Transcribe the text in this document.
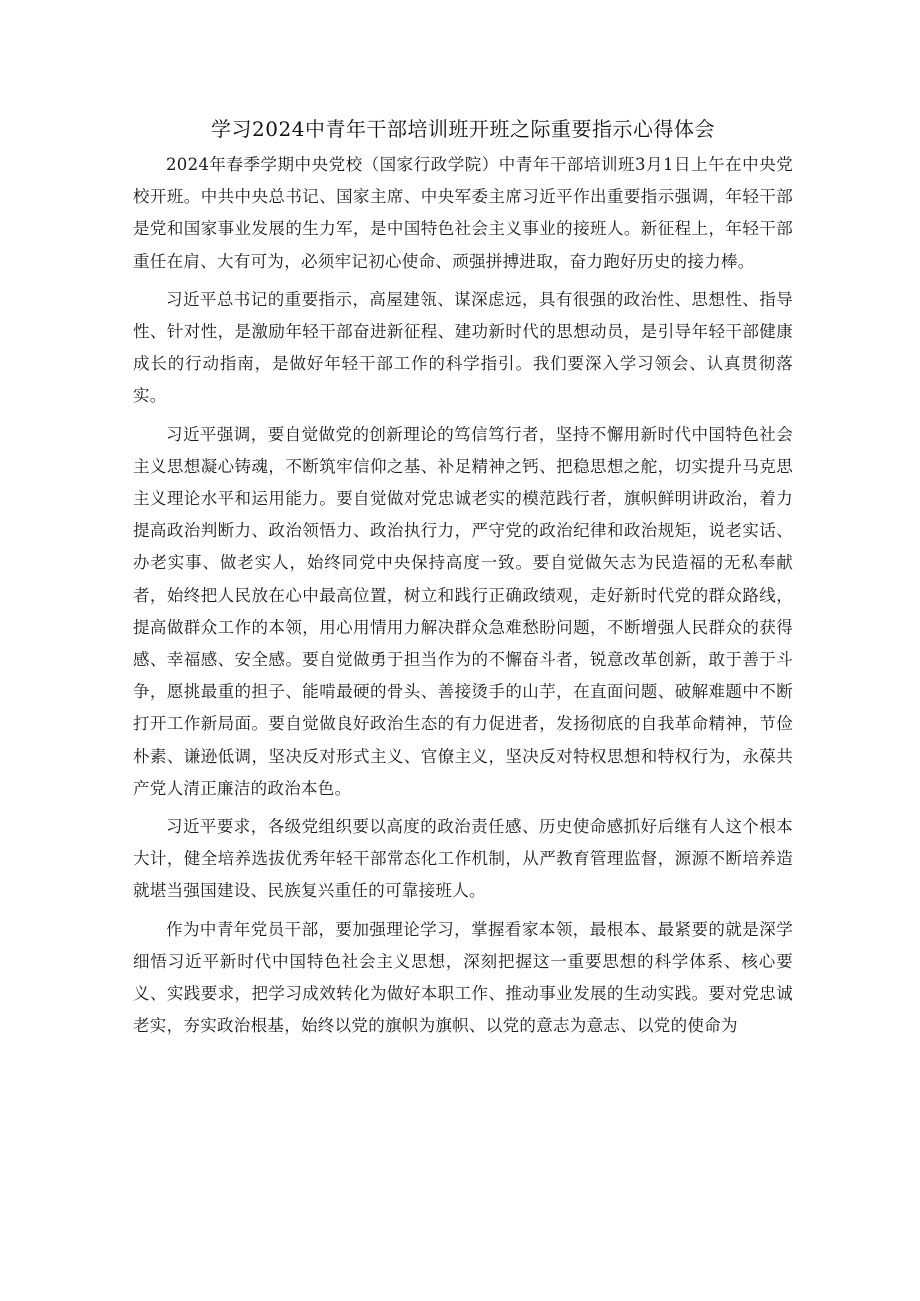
学习2024中青年干部培训班开班之际重要指示心得体会

2024年春季学期中央党校（国家行政学院）中青年干部培训班3月1日上午在中央党校开班。中共中央总书记、国家主席、中央军委主席习近平作出重要指示强调，年轻干部是党和国家事业发展的生力军，是中国特色社会主义事业的接班人。新征程上，年轻干部重任在肩、大有可为，必须牢记初心使命、顽强拼搏进取，奋力跑好历史的接力棒。

习近平总书记的重要指示，高屋建瓴、谋深虑远，具有很强的政治性、思想性、指导性、针对性，是激励年轻干部奋进新征程、建功新时代的思想动员，是引导年轻干部健康成长的行动指南，是做好年轻干部工作的科学指引。我们要深入学习领会、认真贯彻落实。

习近平强调，要自觉做党的创新理论的笃信笃行者，坚持不懈用新时代中国特色社会主义思想凝心铸魂，不断筑牢信仰之基、补足精神之钙、把稳思想之舵，切实提升马克思主义理论水平和运用能力。要自觉做对党忠诚老实的模范践行者，旗帜鲜明讲政治，着力提高政治判断力、政治领悟力、政治执行力，严守党的政治纪律和政治规矩，说老实话、办老实事、做老实人，始终同党中央保持高度一致。要自觉做矢志为民造福的无私奉献者，始终把人民放在心中最高位置，树立和践行正确政绩观，走好新时代党的群众路线，提高做群众工作的本领，用心用情用力解决群众急难愁盼问题，不断增强人民群众的获得感、幸福感、安全感。要自觉做勇于担当作为的不懈奋斗者，锐意改革创新，敢于善于斗争，愿挑最重的担子、能啃最硬的骨头、善接烫手的山芋，在直面问题、破解难题中不断打开工作新局面。要自觉做良好政治生态的有力促进者，发扬彻底的自我革命精神，节俭朴素、谦逊低调，坚决反对形式主义、官僚主义，坚决反对特权思想和特权行为，永葆共产党人清正廉洁的政治本色。

习近平要求，各级党组织要以高度的政治责任感、历史使命感抓好后继有人这个根本大计，健全培养选拔优秀年轻干部常态化工作机制，从严教育管理监督，源源不断培养造就堪当强国建设、民族复兴重任的可靠接班人。

作为中青年党员干部，要加强理论学习，掌握看家本领，最根本、最紧要的就是深学细悟习近平新时代中国特色社会主义思想，深刻把握这一重要思想的科学体系、核心要义、实践要求，把学习成效转化为做好本职工作、推动事业发展的生动实践。要对党忠诚老实，夯实政治根基，始终以党的旗帜为旗帜、以党的意志为意志、以党的使命为
